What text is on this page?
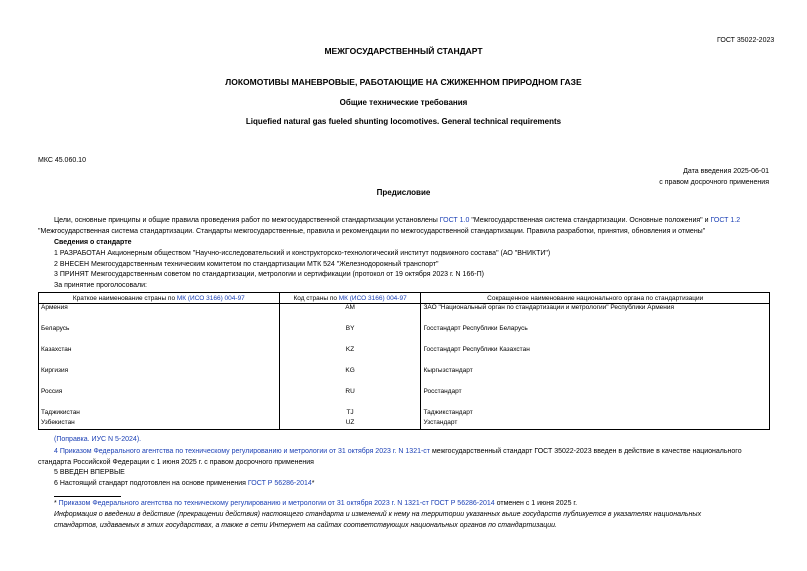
ГОСТ 35022-2023
МЕЖГОСУДАРСТВЕННЫЙ СТАНДАРТ
ЛОКОМОТИВЫ МАНЕВРОВЫЕ, РАБОТАЮЩИЕ НА СЖИЖЕННОМ ПРИРОДНОМ ГАЗЕ
Общие технические требования
Liquefied natural gas fueled shunting locomotives. General technical requirements
МКС 45.060.10
Дата введения 2025-06-01
с правом досрочного применения
Предисловие
Цели, основные принципы и общие правила проведения работ по межгосударственной стандартизации установлены ГОСТ 1.0 "Межгосударственная система стандартизации. Основные положения" и ГОСТ 1.2
"Межгосударственная система стандартизации. Стандарты межгосударственные, правила и рекомендации по межгосударственной стандартизации. Правила разработки, принятия, обновления и отмены"
Сведения о стандарте
1 РАЗРАБОТАН Акционерным обществом "Научно-исследовательский и конструкторско-технологический институт подвижного состава" (АО "ВНИКТИ")
2 ВНЕСЕН Межгосударственным техническим комитетом по стандартизации МТК 524 "Железнодорожный транспорт"
3 ПРИНЯТ Межгосударственным советом по стандартизации, метрологии и сертификации (протокол от 19 октября 2023 г. N 166-П)
За принятие проголосовали:
Краткое наименование страны по МК (ИСО 3166) 004-97	Код страны по МК (ИСО 3166) 004-97	Сокращенное наименование национального органа по стандартизации
Армения	AM	ЗАО "Национальный орган по стандартизации и метрологии" Республики Армения
Беларусь	BY	Госстандарт Республики Беларусь
Казахстан	KZ	Госстандарт Республики Казахстан
Киргизия	KG	Кыргызстандарт
Россия	RU	Росстандарт
Таджикистан	TJ	Таджикстандарт
Узбекистан	UZ	Узстандарт
(Поправка. ИУС N 5-2024).
4 Приказом Федерального агентства по техническому регулированию и метрологии от 31 октября 2023 г. N 1321-ст межгосударственный стандарт ГОСТ 35022-2023 введен в действие в качестве национального
стандарта Российской Федерации с 1 июня 2025 г. с правом досрочного применения
5 ВВЕДЕН ВПЕРВЫЕ
6 Настоящий стандарт подготовлен на основе применения ГОСТ Р 56286-2014*
* Приказом Федерального агентства по техническому регулированию и метрологии от 31 октября 2023 г. N 1321-ст ГОСТ Р 56286-2014 отменен с 1 июня 2025 г.
Информация о введении в действие (прекращении действия) настоящего стандарта и изменений к нему на территории указанных выше государств публикуется в указателях национальных
стандартов, издаваемых в этих государствах, а также в сети Интернет на сайтах соответствующих национальных органов по стандартизации.
